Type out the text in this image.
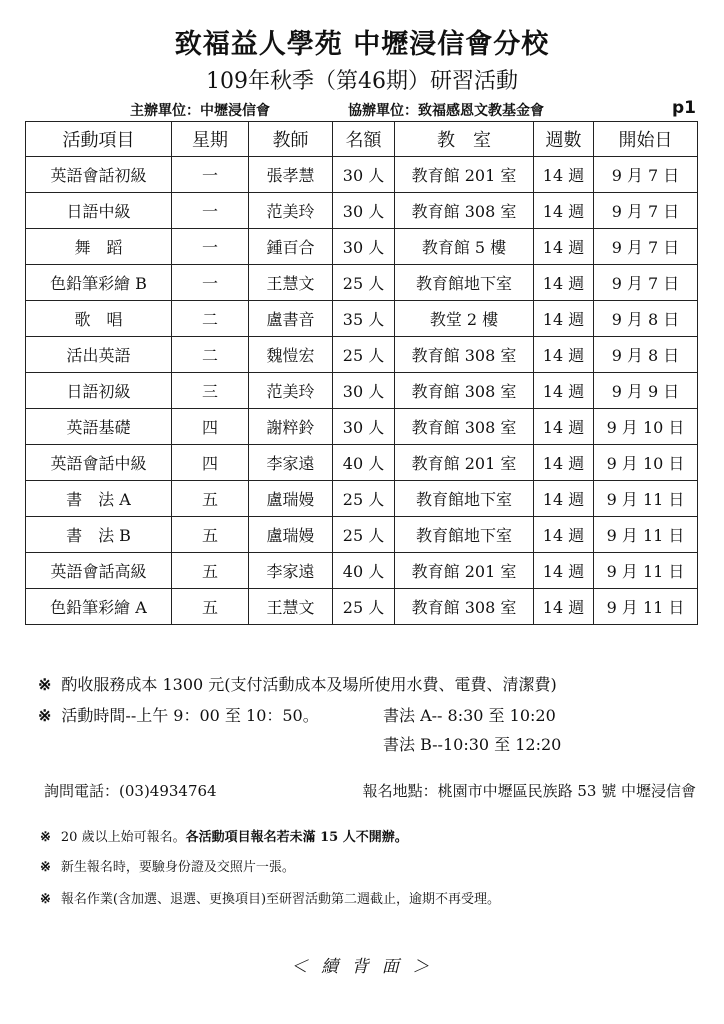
致福益人學苑 中壢浸信會分校
109年秋季（第46期）研習活動
主辦單位：中壢浸信會	協辦單位：致福感恩文教基金會	p1
活動項目	星期	教師	名額	教　室	週數	開始日
英語會話初級	一	張孝慧	30 人	教育館 201 室	14 週	9 月 7 日
日語中級	一	范美玲	30 人	教育館 308 室	14 週	9 月 7 日
舞　蹈	一	鍾百合	30 人	教育館 5 樓	14 週	9 月 7 日
色鉛筆彩繪 B	一	王慧文	25 人	教育館地下室	14 週	9 月 7 日
歌　唱	二	盧書音	35 人	教堂 2 樓	14 週	9 月 8 日
活出英語	二	魏愷宏	25 人	教育館 308 室	14 週	9 月 8 日
日語初級	三	范美玲	30 人	教育館 308 室	14 週	9 月 9 日
英語基礎	四	謝粹鈴	30 人	教育館 308 室	14 週	9 月 10 日
英語會話中級	四	李家遠	40 人	教育館 201 室	14 週	9 月 10 日
書　法 A	五	盧瑞嫚	25 人	教育館地下室	14 週	9 月 11 日
書　法 B	五	盧瑞嫚	25 人	教育館地下室	14 週	9 月 11 日
英語會話高級	五	李家遠	40 人	教育館 201 室	14 週	9 月 11 日
色鉛筆彩繪 A	五	王慧文	25 人	教育館 308 室	14 週	9 月 11 日
※ 酌收服務成本 1300 元(支付活動成本及場所使用水費、電費、清潔費)
※ 活動時間--上午 9：00 至 10：50。	書法 A-- 8:30 至 10:20
書法 B--10:30 至 12:20
詢問電話：(03)4934764	報名地點：桃園市中壢區民族路 53 號 中壢浸信會
※ 20 歲以上始可報名。各活動項目報名若未滿 15 人不開辦。
※ 新生報名時，要驗身份證及交照片一張。
※ 報名作業(含加選、退選、更換項目)至研習活動第二週截止，逾期不再受理。
＜ 續 背 面 ＞
